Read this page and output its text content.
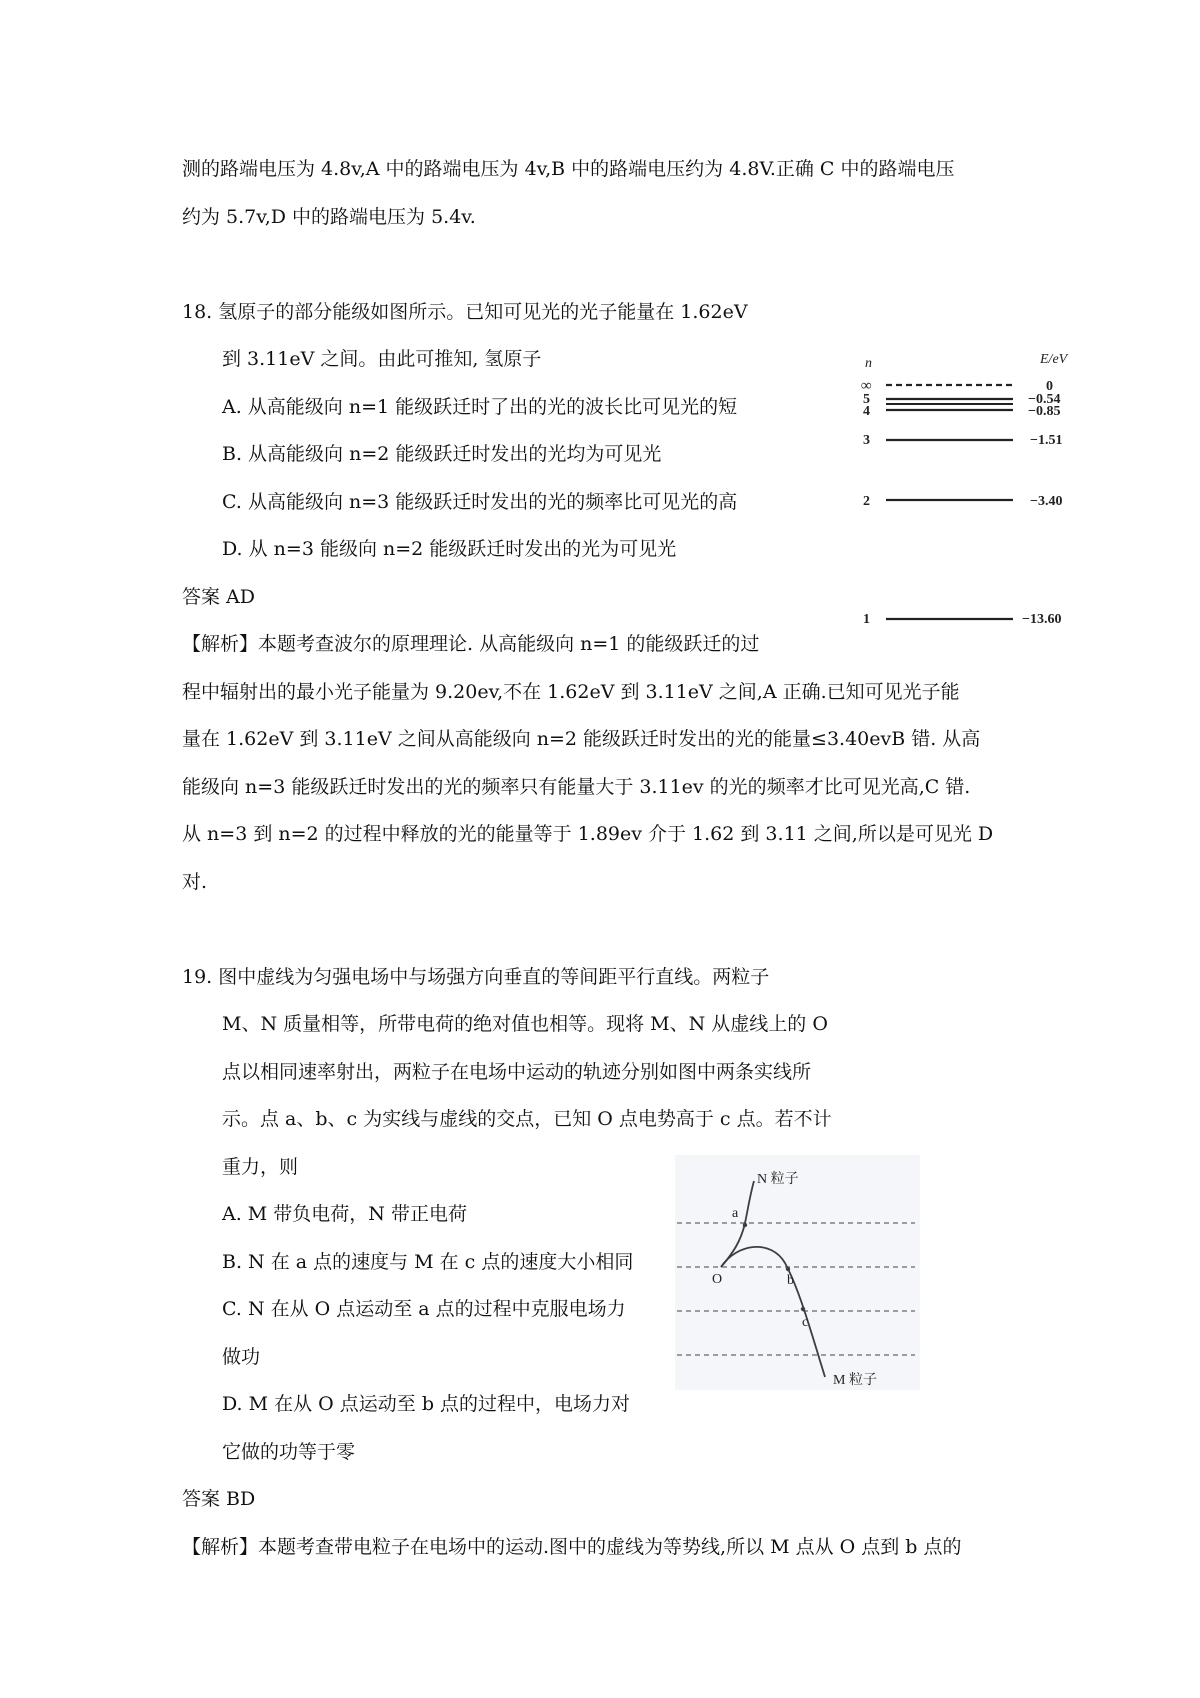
测的路端电压为 4.8v,A 中的路端电压为 4v,B 中的路端电压约为 4.8V.正确 C 中的路端电压
约为 5.7v,D 中的路端电压为 5.4v.
18. 氢原子的部分能级如图所示。已知可见光的光子能量在 1.62eV
到 3.11eV 之间。由此可推知, 氢原子
A. 从高能级向 n=1 能级跃迁时了出的光的波长比可见光的短
B. 从高能级向 n=2 能级跃迁时发出的光均为可见光
C. 从高能级向 n=3 能级跃迁时发出的光的频率比可见光的高
D. 从 n=3 能级向 n=2 能级跃迁时发出的光为可见光
答案 AD
【解析】本题考查波尔的原理理论. 从高能级向 n=1 的能级跃迁的过
程中辐射出的最小光子能量为 9.20ev,不在 1.62eV 到 3.11eV 之间,A 正确.已知可见光子能
量在 1.62eV 到 3.11eV 之间从高能级向 n=2 能级跃迁时发出的光的能量≤3.40evB 错. 从高
能级向 n=3 能级跃迁时发出的光的频率只有能量大于 3.11ev 的光的频率才比可见光高,C 错.
从 n=3 到 n=2 的过程中释放的光的能量等于 1.89ev 介于 1.62 到 3.11 之间,所以是可见光 D
对.
n	E/eV
∞	0
5	−0.54
4	−0.85
3	−1.51
2	−3.40
1	−13.60
19. 图中虚线为匀强电场中与场强方向垂直的等间距平行直线。两粒子
M、N 质量相等，所带电荷的绝对值也相等。现将 M、N 从虚线上的 O
点以相同速率射出，两粒子在电场中运动的轨迹分别如图中两条实线所
示。点 a、b、c 为实线与虚线的交点，已知 O 点电势高于 c 点。若不计
重力，则
A. M 带负电荷，N 带正电荷
B. N 在 a 点的速度与 M 在 c 点的速度大小相同
C. N 在从 O 点运动至 a 点的过程中克服电场力
做功
D. M 在从 O 点运动至 b 点的过程中，电场力对
它做的功等于零
答案 BD
【解析】本题考查带电粒子在电场中的运动.图中的虚线为等势线,所以 M 点从 O 点到 b 点的
N 粒子
M 粒子
O
a
b
c
